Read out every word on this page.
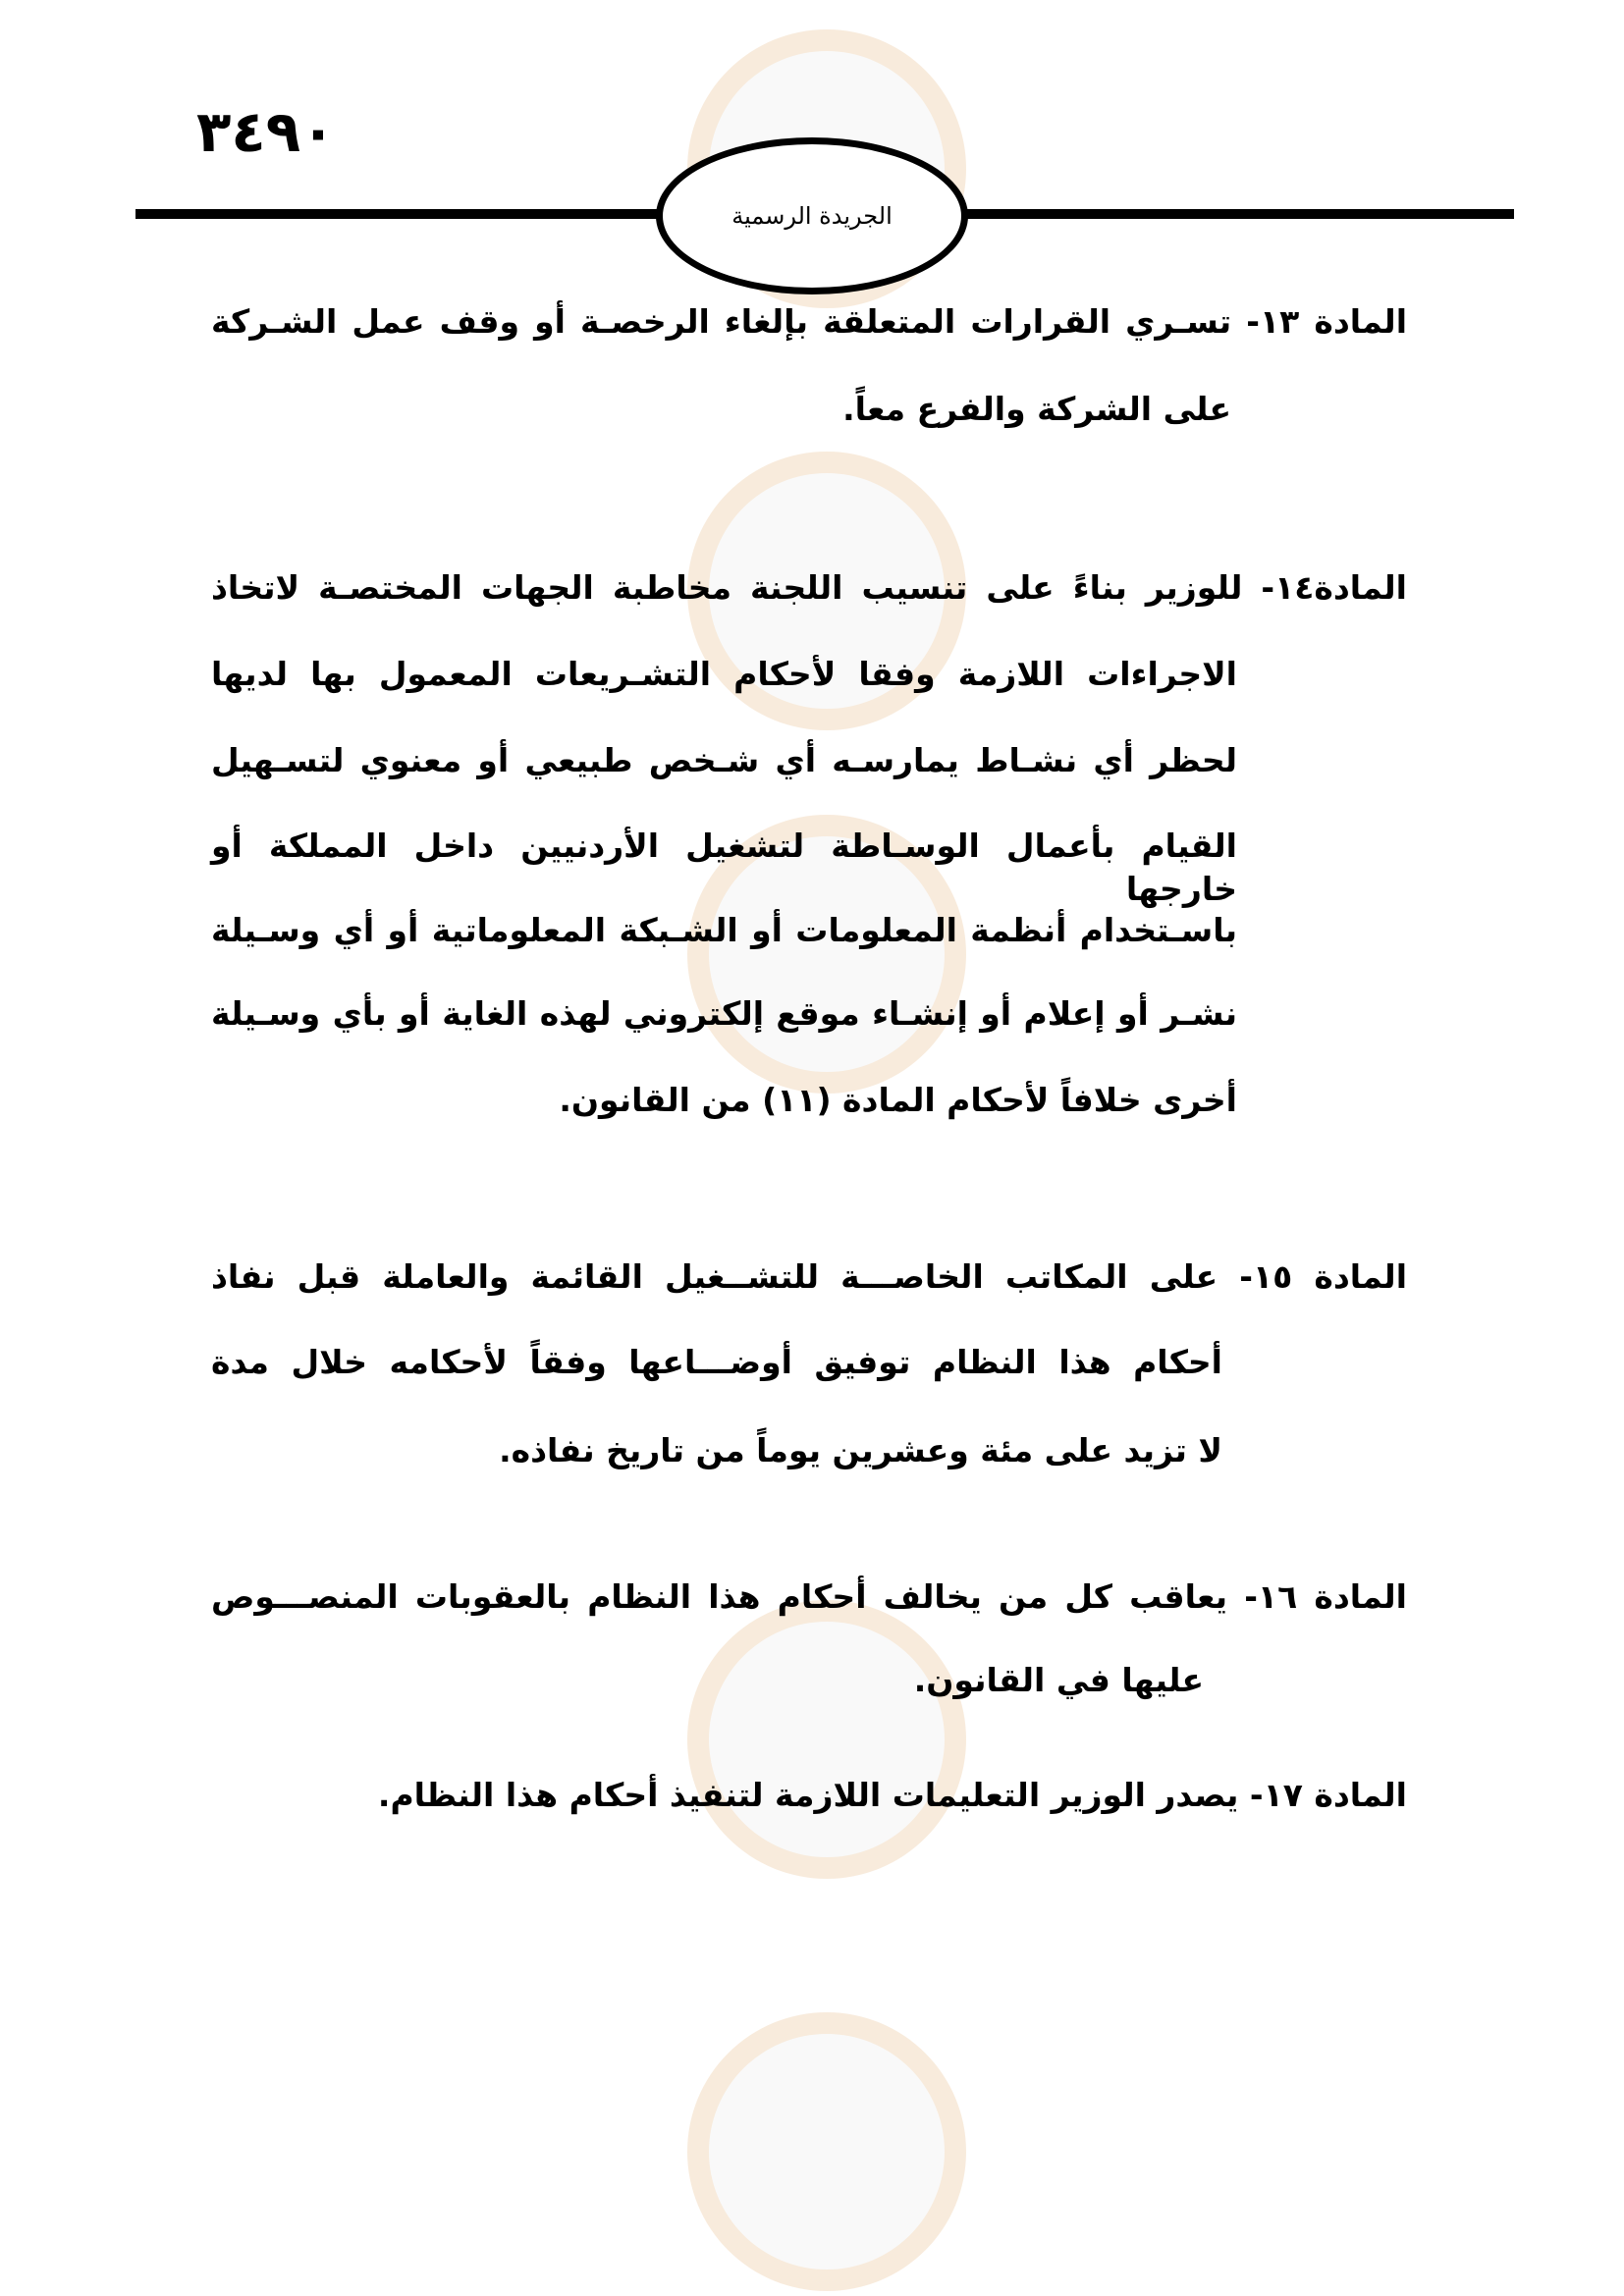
٣٤٩٠
الجريدة الرسمية
المادة ١٣- تسـري القرارات المتعلقة بإلغاء الرخصـة أو وقف عمل الشـركة
على الشركة والفرع معاً.
المادة١٤- للوزير بناءً على تنسيب اللجنة مخاطبة الجهات المختصـة لاتخاذ
الاجراءات اللازمة وفقا لأحكام التشـريعات المعمول بها لديها
لحظر أي نشـاط يمارسـه أي شـخص طبيعي أو معنوي لتسـهيل
القيام بأعمال الوسـاطة لتشغيل الأردنيين داخل المملكة أو خارجها
باسـتخدام أنظمة المعلومات أو الشـبكة المعلوماتية أو أي وسـيلة
نشـر أو إعلام أو إنشـاء موقع إلكتروني لهذه الغاية أو بأي وسـيلة
أخرى خلافاً لأحكام المادة (١١) من القانون.
المادة ١٥- على المكاتب الخاصـــة للتشــغيل القائمة والعاملة قبل نفاذ
أحكام هذا النظام توفيق أوضـــاعها وفقاً لأحكامه خلال مدة
لا تزيد على مئة وعشرين يوماً من تاريخ نفاذه.
المادة ١٦- يعاقب كل من يخالف أحكام هذا النظام بالعقوبات المنصـــوص
عليها في القانون.
المادة ١٧- يصدر الوزير التعليمات اللازمة لتنفيذ أحكام هذا النظام.
